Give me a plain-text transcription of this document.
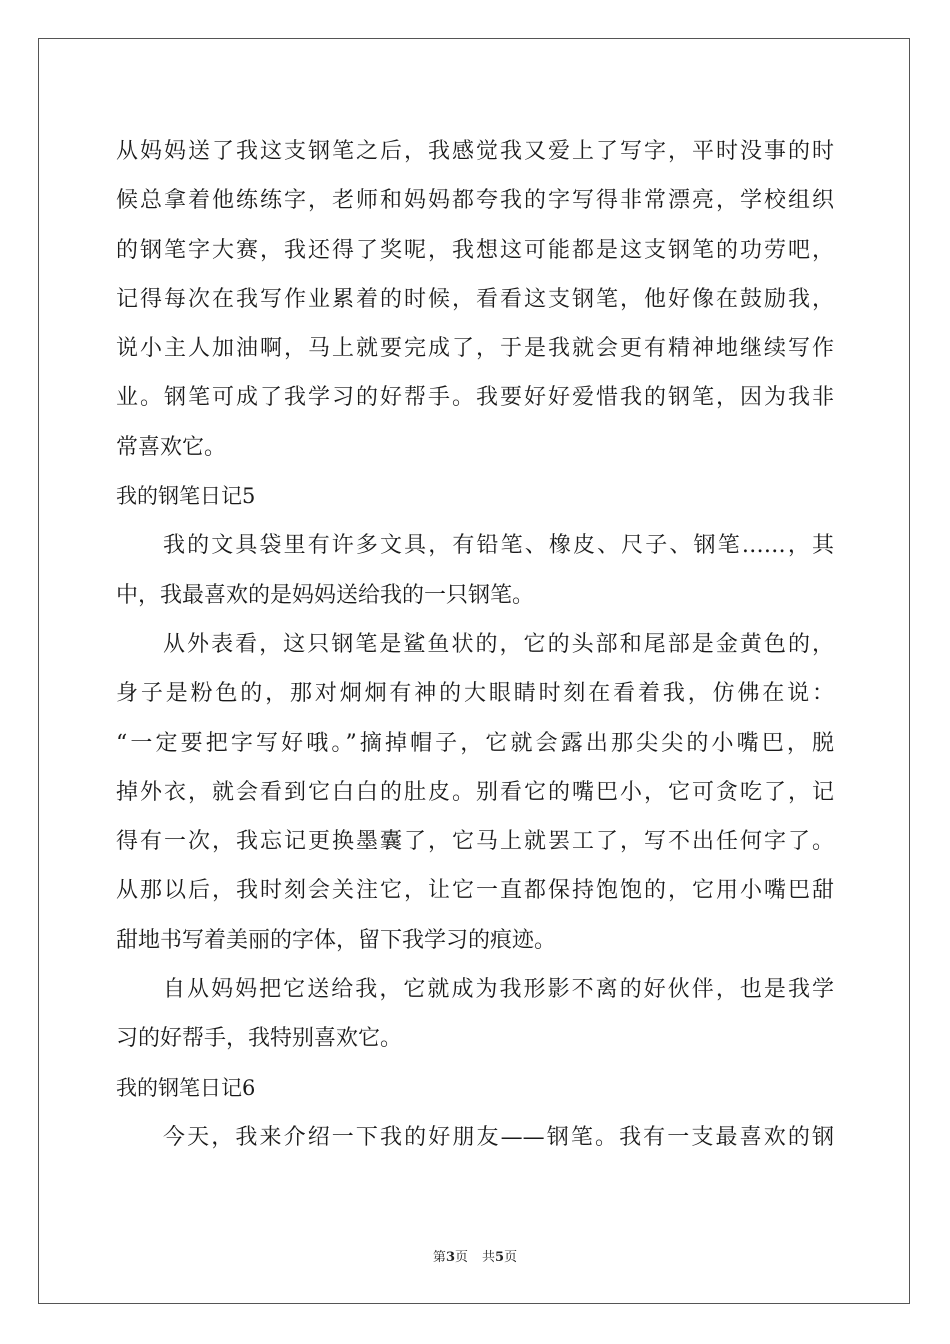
从妈妈送了我这支钢笔之后，我感觉我又爱上了写字，平时没事的时
候总拿着他练练字，老师和妈妈都夸我的字写得非常漂亮，学校组织
的钢笔字大赛，我还得了奖呢，我想这可能都是这支钢笔的功劳吧，
记得每次在我写作业累着的时候，看看这支钢笔，他好像在鼓励我，
说小主人加油啊，马上就要完成了，于是我就会更有精神地继续写作
业。钢笔可成了我学习的好帮手。我要好好爱惜我的钢笔，因为我非
常喜欢它。
我的钢笔日记5
我的文具袋里有许多文具，有铅笔、橡皮、尺子、钢笔……，其
中，我最喜欢的是妈妈送给我的一只钢笔。
从外表看，这只钢笔是鲨鱼状的，它的头部和尾部是金黄色的，
身子是粉色的，那对炯炯有神的大眼睛时刻在看着我，仿佛在说：
“一定要把字写好哦。”摘掉帽子，它就会露出那尖尖的小嘴巴，脱
掉外衣，就会看到它白白的肚皮。别看它的嘴巴小，它可贪吃了，记
得有一次，我忘记更换墨囊了，它马上就罢工了，写不出任何字了。
从那以后，我时刻会关注它，让它一直都保持饱饱的，它用小嘴巴甜
甜地书写着美丽的字体，留下我学习的痕迹。
自从妈妈把它送给我，它就成为我形影不离的好伙伴，也是我学
习的好帮手，我特别喜欢它。
我的钢笔日记6
今天，我来介绍一下我的好朋友——钢笔。我有一支最喜欢的钢
第3页 共5页
